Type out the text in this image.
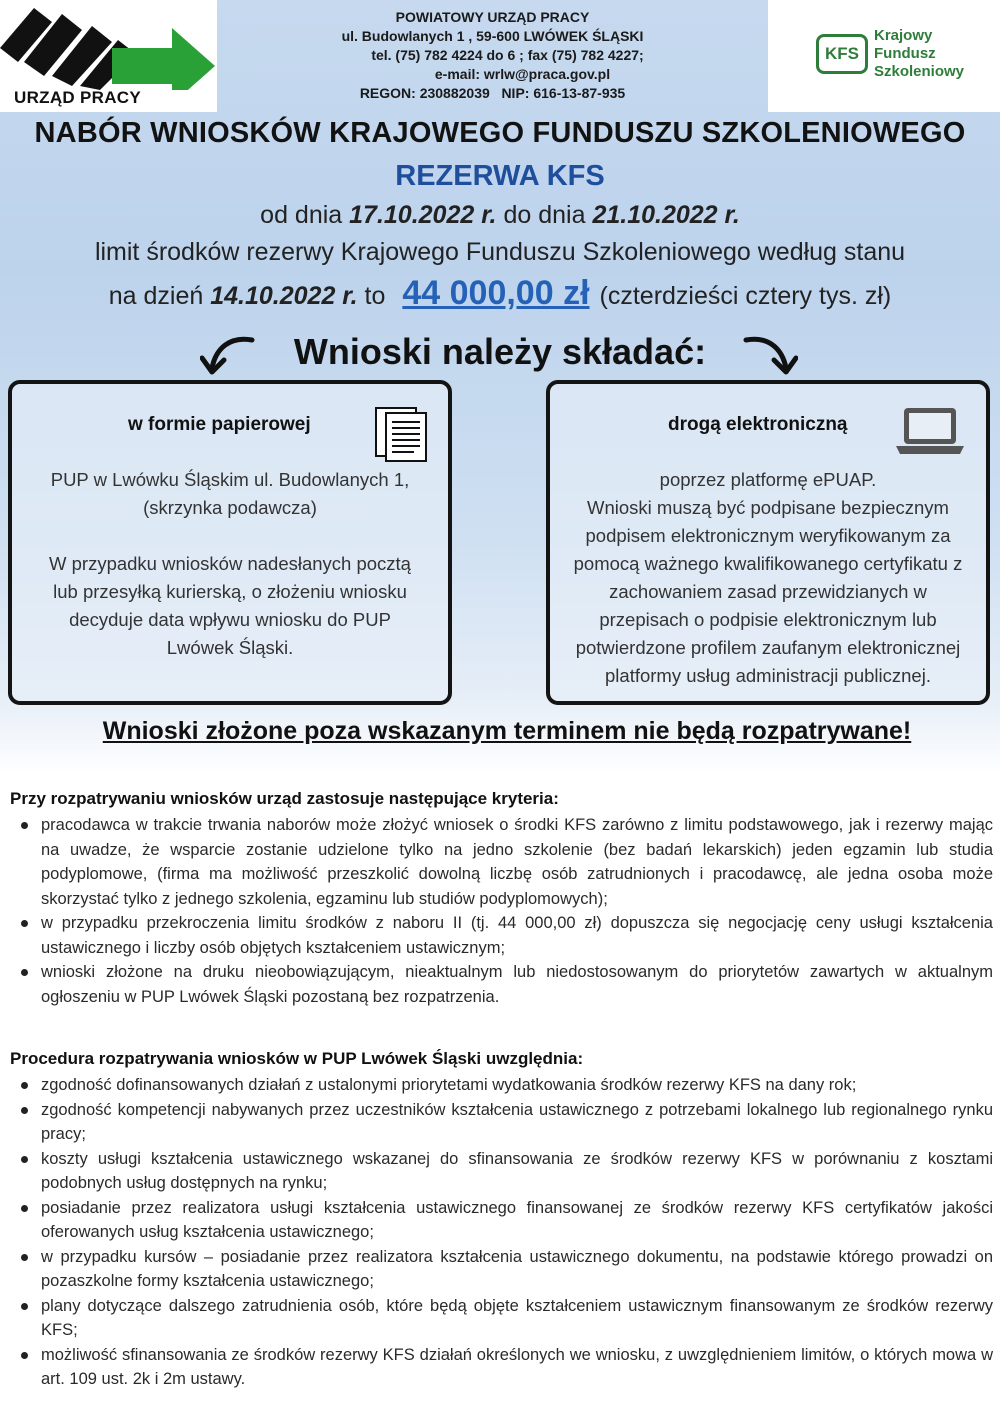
URZĄD PRACY
POWIATOWY URZĄD PRACY
ul. Budowlanych 1 , 59-600 LWÓWEK ŚLĄSKI
tel. (75) 782 4224 do 6 ; fax (75) 782 4227;
e-mail: wrlw@praca.gov.pl
REGON: 230882039   NIP: 616-13-87-935
KFS
Krajowy
Fundusz
Szkoleniowy
NABÓR WNIOSKÓW KRAJOWEGO FUNDUSZU SZKOLENIOWEGO
REZERWA KFS
od dnia 17.10.2022 r. do dnia 21.10.2022 r.
limit środków rezerwy Krajowego Funduszu Szkoleniowego według stanu
na dzień 14.10.2022 r. to 44 000,00 zł (czterdzieści cztery tys. zł)
Wnioski należy składać:
w formie papierowej
PUP w Lwówku Śląskim ul. Budowlanych 1,
(skrzynka podawcza)
W przypadku wniosków nadesłanych pocztą
lub przesyłką kurierską, o złożeniu wniosku
decyduje data wpływu wniosku do PUP
Lwówek Śląski.
drogą elektroniczną
poprzez platformę ePUAP.
Wnioski muszą być podpisane bezpiecznym
podpisem elektronicznym weryfikowanym za
pomocą ważnego kwalifikowanego certyfikatu z
zachowaniem zasad przewidzianych w
przepisach o podpisie elektronicznym lub
potwierdzone profilem zaufanym elektronicznej
platformy usług administracji publicznej.
Wnioski złożone poza wskazanym terminem nie będą rozpatrywane!
Przy rozpatrywaniu wniosków urząd zastosuje następujące kryteria:
pracodawca w trakcie trwania naborów może złożyć wniosek o środki KFS zarówno z limitu podstawowego, jak i rezerwy mając na uwadze, że wsparcie zostanie udzielone tylko na jedno szkolenie (bez badań lekarskich) jeden egzamin lub studia podyplomowe, (firma ma możliwość przeszkolić dowolną liczbę osób zatrudnionych i pracodawcę, ale jedna osoba może skorzystać tylko z jednego szkolenia, egzaminu lub studiów podyplomowych);
w przypadku przekroczenia limitu środków z naboru II (tj. 44 000,00 zł) dopuszcza się negocjację ceny usługi kształcenia ustawicznego i liczby osób objętych kształceniem ustawicznym;
wnioski złożone na druku nieobowiązującym, nieaktualnym lub niedostosowanym do priorytetów zawartych w aktualnym ogłoszeniu w PUP Lwówek Śląski pozostaną bez rozpatrzenia.
Procedura rozpatrywania wniosków w PUP Lwówek Śląski uwzględnia:
zgodność dofinansowanych działań z ustalonymi priorytetami wydatkowania środków rezerwy KFS na dany rok;
zgodność kompetencji nabywanych przez uczestników kształcenia ustawicznego z potrzebami lokalnego lub regionalnego rynku pracy;
koszty usługi kształcenia ustawicznego wskazanej do sfinansowania ze środków rezerwy KFS w porównaniu z kosztami podobnych usług dostępnych na rynku;
posiadanie przez realizatora usługi kształcenia ustawicznego finansowanej ze środków rezerwy KFS certyfikatów jakości oferowanych usług kształcenia ustawicznego;
w przypadku kursów – posiadanie przez realizatora kształcenia ustawicznego dokumentu, na podstawie którego prowadzi on pozaszkolne formy kształcenia ustawicznego;
plany dotyczące dalszego zatrudnienia osób, które będą objęte kształceniem ustawicznym finansowanym ze środków rezerwy KFS;
możliwość sfinansowania ze środków rezerwy KFS działań określonych we wniosku, z uwzględnieniem limitów, o których mowa w art. 109 ust. 2k i 2m ustawy.
